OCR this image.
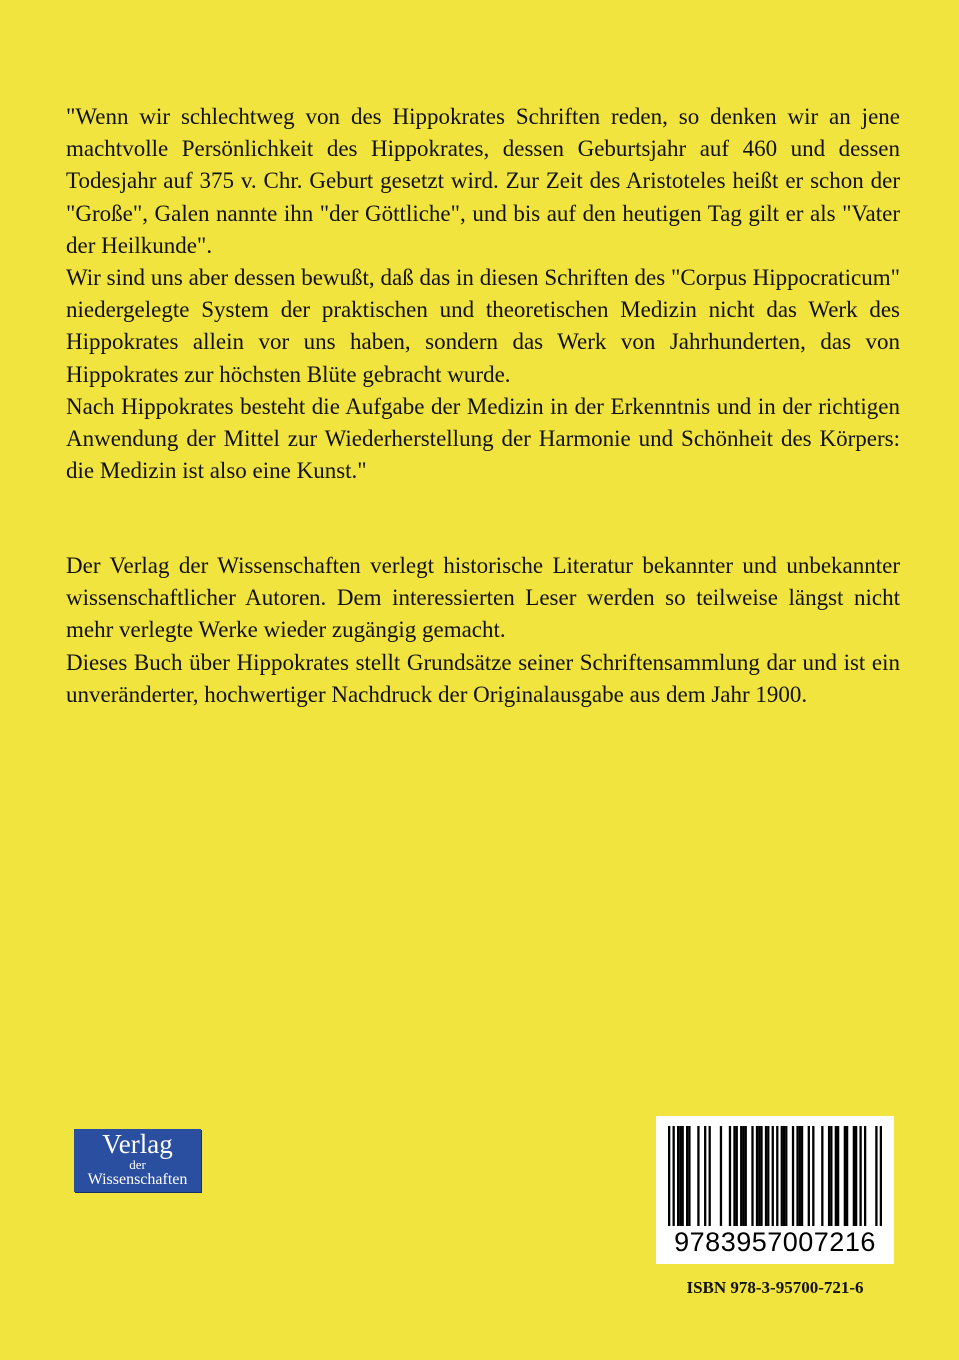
"Wenn wir schlechtweg von des Hippokrates Schriften reden, so denken wir an jene machtvolle Persönlichkeit des Hippokrates, dessen Geburtsjahr auf 460 und dessen Todesjahr auf 375 v. Chr. Geburt gesetzt wird. Zur Zeit des Aristoteles heißt er schon der "Große", Galen nannte ihn "der Göttliche", und bis auf den heutigen Tag gilt er als "Vater der Heilkunde".

Wir sind uns aber dessen bewußt, daß das in diesen Schriften des "Corpus Hippocraticum" niedergelegte System der praktischen und theoretischen Medizin nicht das Werk des Hippokrates allein vor uns haben, sondern das Werk von Jahrhunderten, das von Hippokrates zur höchsten Blüte gebracht wurde.

Nach Hippokrates besteht die Aufgabe der Medizin in der Erkenntnis und in der richtigen Anwendung der Mittel zur Wiederherstellung der Harmonie und Schönheit des Körpers: die Medizin ist also eine Kunst."

Der Verlag der Wissenschaften verlegt historische Literatur bekannter und unbekannter wissenschaftlicher Autoren. Dem interessierten Leser werden so teilweise längst nicht mehr verlegte Werke wieder zugängig gemacht.

Dieses Buch über Hippokrates stellt Grundsätze seiner Schriftensammlung dar und ist ein unveränderter, hochwertiger Nachdruck der Originalausgabe aus dem Jahr 1900.

Verlag
der
Wissenschaften
9783957007216
ISBN 978-3-95700-721-6
